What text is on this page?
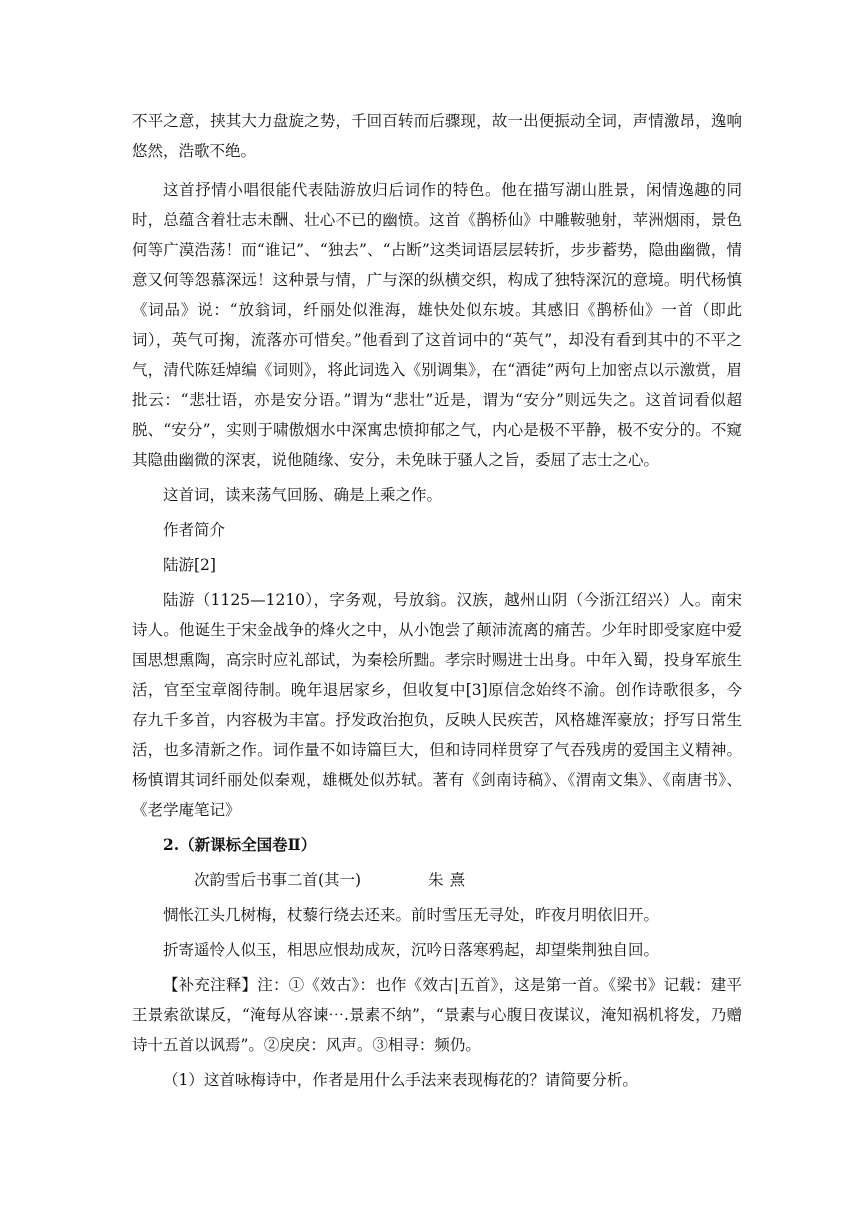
不平之意，挟其大力盘旋之势，千回百转而后骤现，故一出便振动全词，声情激昂，逸响悠然，浩歌不绝。

这首抒情小唱很能代表陆游放归后词作的特色。他在描写湖山胜景，闲情逸趣的同时，总蕴含着壮志未酬、壮心不已的幽愤。这首《鹊桥仙》中雕鞍驰射，苹洲烟雨，景色何等广漠浩荡！而“谁记”、“独去”、“占断”这类词语层层转折，步步蓄势，隐曲幽微，情意又何等怨慕深远！这种景与情，广与深的纵横交织，构成了独特深沉的意境。明代杨慎《词品》说：“放翁词，纤丽处似淮海，雄快处似东坡。其感旧《鹊桥仙》一首（即此词），英气可掬，流落亦可惜矣。”他看到了这首词中的“英气”，却没有看到其中的不平之气，清代陈廷焯编《词则》，将此词选入《别调集》，在“酒徒”两句上加密点以示激赏，眉批云：“悲壮语，亦是安分语。”谓为“悲壮”近是，谓为“安分”则远失之。这首词看似超脱、“安分”，实则于啸傲烟水中深寓忠愤抑郁之气，内心是极不平静，极不安分的。不窥其隐曲幽微的深衷，说他随缘、安分，未免昧于骚人之旨，委屈了志士之心。

这首词，读来荡气回肠、确是上乘之作。

作者简介

陆游[2]

陆游（1125—1210），字务观，号放翁。汉族，越州山阴（今浙江绍兴）人。南宋诗人。他诞生于宋金战争的烽火之中，从小饱尝了颠沛流离的痛苦。少年时即受家庭中爱国思想熏陶，高宗时应礼部试，为秦桧所黜。孝宗时赐进士出身。中年入蜀，投身军旅生活，官至宝章阁待制。晚年退居家乡，但收复中[3]原信念始终不渝。创作诗歌很多，今存九千多首，内容极为丰富。抒发政治抱负，反映人民疾苦，风格雄浑豪放；抒写日常生活，也多清新之作。词作量不如诗篇巨大，但和诗同样贯穿了气吞残虏的爱国主义精神。杨慎谓其词纤丽处似秦观，雄概处似苏轼。著有《剑南诗稿》、《渭南文集》、《南唐书》、《老学庵笔记》

2.（新课标全国卷Ⅱ）

次韵雪后书事二首(其一)	朱熹

惆怅江头几树梅，杖藜行绕去还来。前时雪压无寻处，昨夜月明依旧开。

折寄遥怜人似玉，相思应恨劫成灰，沉吟日落寒鸦起，却望柴荆独自回。

【补充注释】注：①《效古》：也作《效古|五首》，这是第一首。《梁书》记载：建平王景索欲谋反，“淹每从容谏⋯.景素不纳”，“景素与心腹日夜谋议，淹知祸机将发，乃赠诗十五首以讽焉”。②戾戾：风声。③相寻：频仍。

（1）这首咏梅诗中，作者是用什么手法来表现梅花的？请简要分析。
